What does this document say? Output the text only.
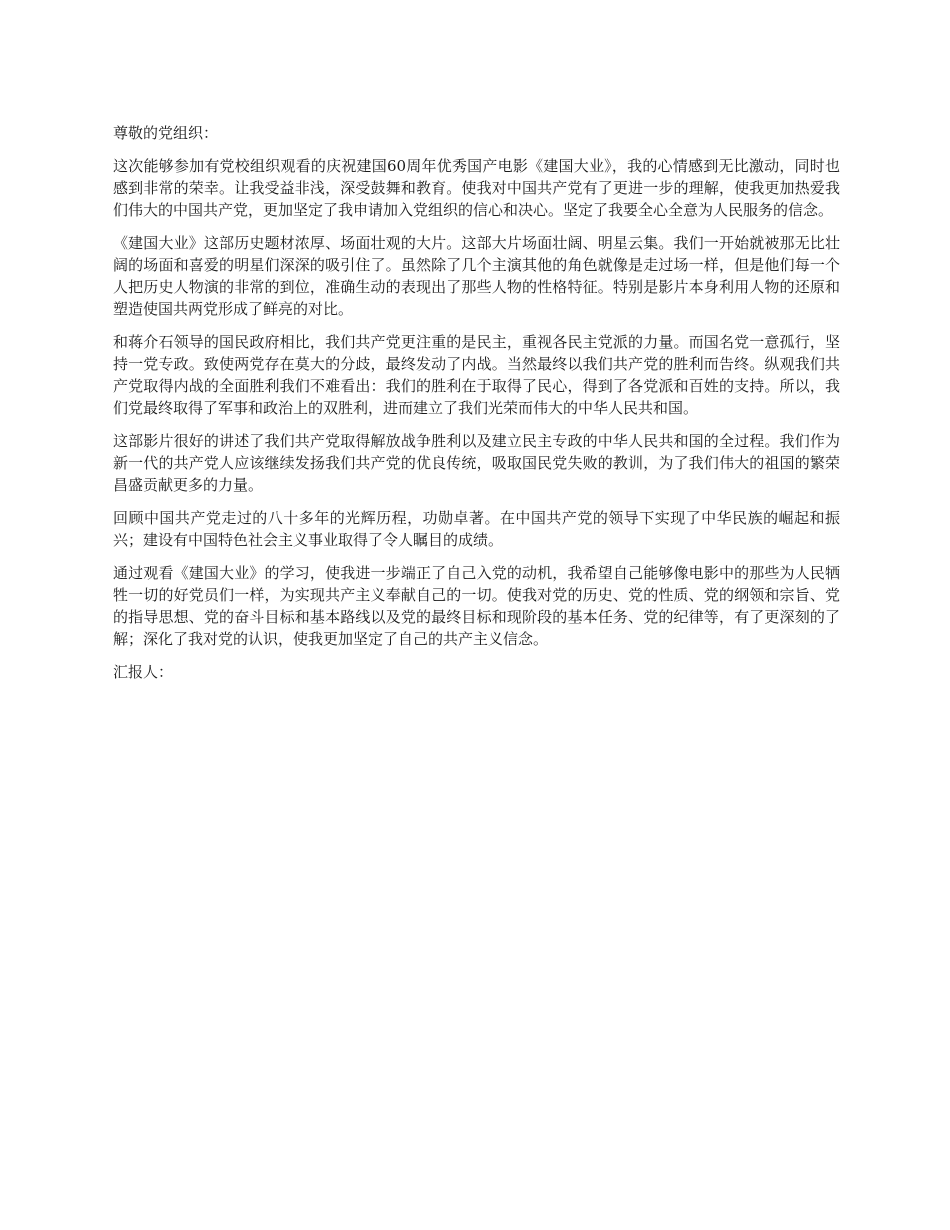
尊敬的党组织：

这次能够参加有党校组织观看的庆祝建国60周年优秀国产电影《建国大业》，我的心情感到无比激动，同时也感到非常的荣幸。让我受益非浅，深受鼓舞和教育。使我对中国共产党有了更进一步的理解，使我更加热爱我们伟大的中国共产党，更加坚定了我申请加入党组织的信心和决心。坚定了我要全心全意为人民服务的信念。

《建国大业》这部历史题材浓厚、场面壮观的大片。这部大片场面壮阔、明星云集。我们一开始就被那无比壮阔的场面和喜爱的明星们深深的吸引住了。虽然除了几个主演其他的角色就像是走过场一样，但是他们每一个人把历史人物演的非常的到位，准确生动的表现出了那些人物的性格特征。特别是影片本身利用人物的还原和塑造使国共两党形成了鲜亮的对比。

和蒋介石领导的国民政府相比，我们共产党更注重的是民主，重视各民主党派的力量。而国名党一意孤行，坚持一党专政。致使两党存在莫大的分歧，最终发动了内战。当然最终以我们共产党的胜利而告终。纵观我们共产党取得内战的全面胜利我们不难看出：我们的胜利在于取得了民心，得到了各党派和百姓的支持。所以，我们党最终取得了军事和政治上的双胜利，进而建立了我们光荣而伟大的中华人民共和国。

这部影片很好的讲述了我们共产党取得解放战争胜利以及建立民主专政的中华人民共和国的全过程。我们作为新一代的共产党人应该继续发扬我们共产党的优良传统，吸取国民党失败的教训，为了我们伟大的祖国的繁荣昌盛贡献更多的力量。

回顾中国共产党走过的八十多年的光辉历程，功勋卓著。在中国共产党的领导下实现了中华民族的崛起和振兴；建设有中国特色社会主义事业取得了令人瞩目的成绩。

通过观看《建国大业》的学习，使我进一步端正了自己入党的动机，我希望自己能够像电影中的那些为人民牺牲一切的好党员们一样，为实现共产主义奉献自己的一切。使我对党的历史、党的性质、党的纲领和宗旨、党的指导思想、党的奋斗目标和基本路线以及党的最终目标和现阶段的基本任务、党的纪律等，有了更深刻的了解；深化了我对党的认识，使我更加坚定了自己的共产主义信念。

汇报人：
